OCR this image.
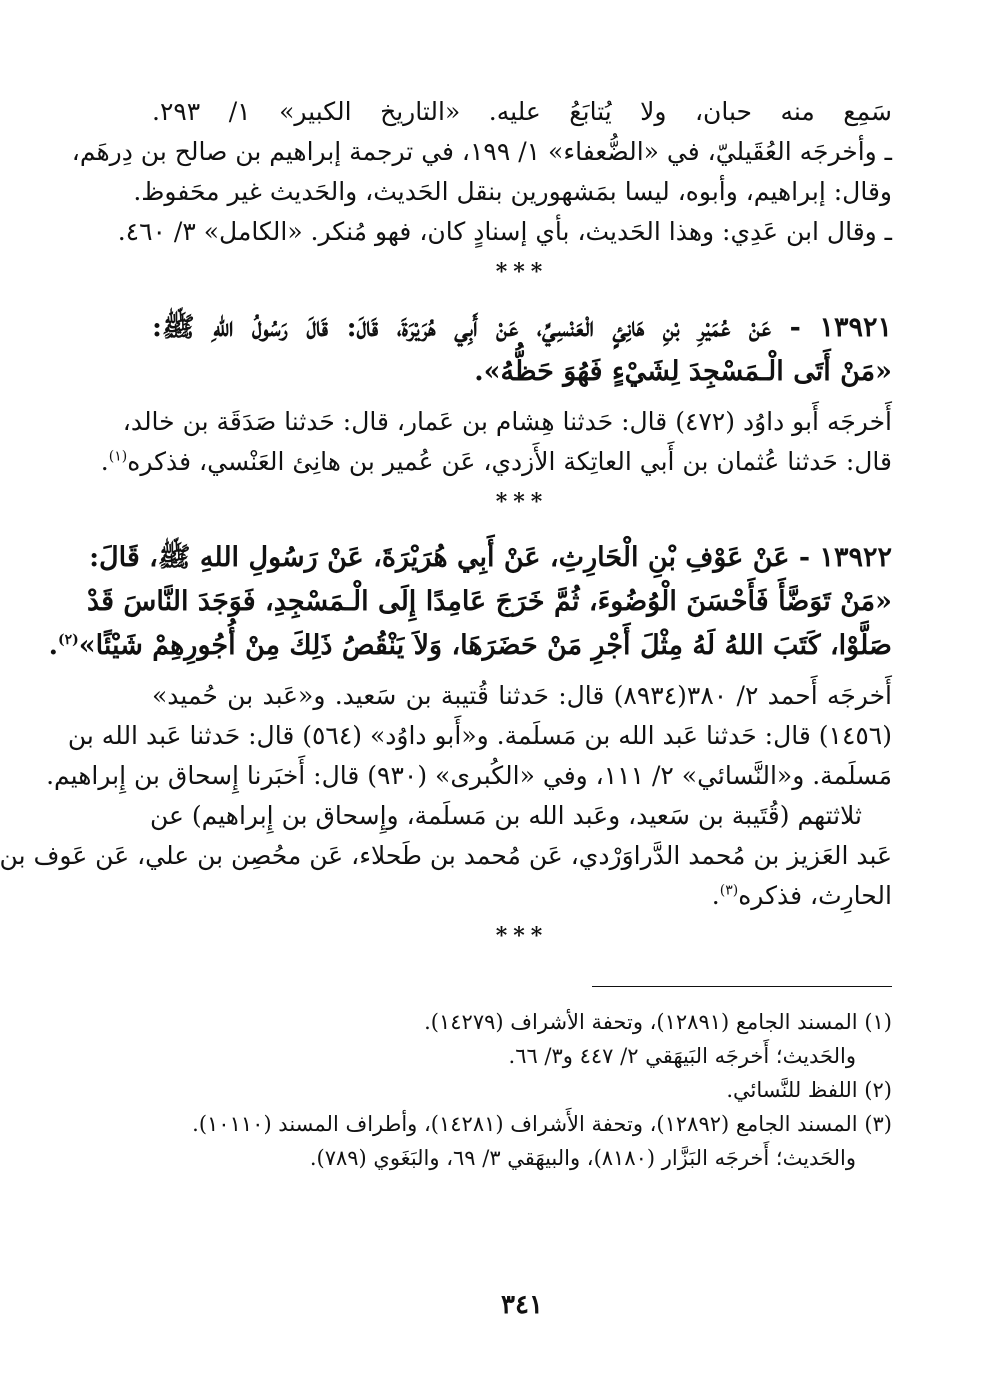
سَمِع منه حبان، ولا يُتابَعُ عليه. «التاريخ الكبير» ١/ ٢٩٣.
ـ وأخرجَه العُقَيليّ، في «الضُّعفاء» ١/ ١٩٩، في ترجمة إبراهيم بن صالح بن دِرهَم،
وقال: إبراهيم، وأبوه، ليسا بمَشهورين بنقل الحَديث، والحَديث غير محَفوظ.
ـ وقال ابن عَدِي: وهذا الحَديث، بأي إسنادٍ كان، فهو مُنكر. «الكامل» ٣/ ٤٦٠.
***
١٣٩٢١ - عَنْ عُمَيْرِ بْنِ هَانِئٍ الْعَنْسِيِّ، عَنْ أَبِي هُرَيْرَةَ، قَالَ: قَالَ رَسُولُ اللهِ ﷺ:
«مَنْ أَتَى الْـمَسْجِدَ لِشَيْءٍ فَهُوَ حَظُّهُ».
أَخرجَه أَبو داوُد (٤٧٢) قال: حَدثنا هِشام بن عَمار، قال: حَدثنا صَدَقَة بن خالد،
قال: حَدثنا عُثمان بن أَبي العاتِكة الأَزدي، عَن عُمير بن هانِئ العَنْسي، فذكره$^{(١)}$.
***
١٣٩٢٢ - عَنْ عَوْفِ بْنِ الْحَارِثِ، عَنْ أَبِي هُرَيْرَةَ، عَنْ رَسُولِ اللهِ ﷺ، قَالَ:
«مَنْ تَوَضَّأَ فَأَحْسَنَ الْوُضُوءَ، ثُمَّ خَرَجَ عَامِدًا إِلَى الْـمَسْجِدِ، فَوَجَدَ النَّاسَ قَدْ
صَلَّوْا، كَتَبَ اللهُ لَهُ مِثْلَ أَجْرِ مَنْ حَضَرَهَا، وَلاَ يَنْقُصُ ذَلِكَ مِنْ أُجُورِهِمْ شَيْئًا»$^{(٢)}$.
أَخرجَه أَحمد ٢/ ٣٨٠(٨٩٣٤) قال: حَدثنا قُتيبة بن سَعيد. و«عَبد بن حُميد»
(١٤٥٦) قال: حَدثنا عَبد الله بن مَسلَمة. و«أَبو داوُد» (٥٦٤) قال: حَدثنا عَبد الله بن
مَسلَمة. و«النَّسائي» ٢/ ١١١، وفي «الكُبرى» (٩٣٠) قال: أَخبَرنا إِسحاق بن إِبراهيم.
ثلاثتهم (قُتَيبة بن سَعيد، وعَبد الله بن مَسلَمة، وإِسحاق بن إِبراهيم) عن
عَبد العَزيز بن مُحمد الدَّراوَرْدي، عَن مُحمد بن طَحلاء، عَن محُصِن بن علي، عَن عَوف بن
الحارِث، فذكره$^{(٣)}$.
***
(١) المسند الجامع (١٢٨٩١)، وتحفة الأشراف (١٤٢٧٩).
والحَديث؛ أَخرجَه البَيهَقي ٢/ ٤٤٧ و٣/ ٦٦.
(٢) اللفظ للنَّسائي.
(٣) المسند الجامع (١٢٨٩٢)، وتحفة الأَشراف (١٤٢٨١)، وأطراف المسند (١٠١١٠).
والحَديث؛ أَخرجَه البَزَّار (٨١٨٠)، والبيهَقي ٣/ ٦٩، والبَغَوي (٧٨٩).
٣٤١
